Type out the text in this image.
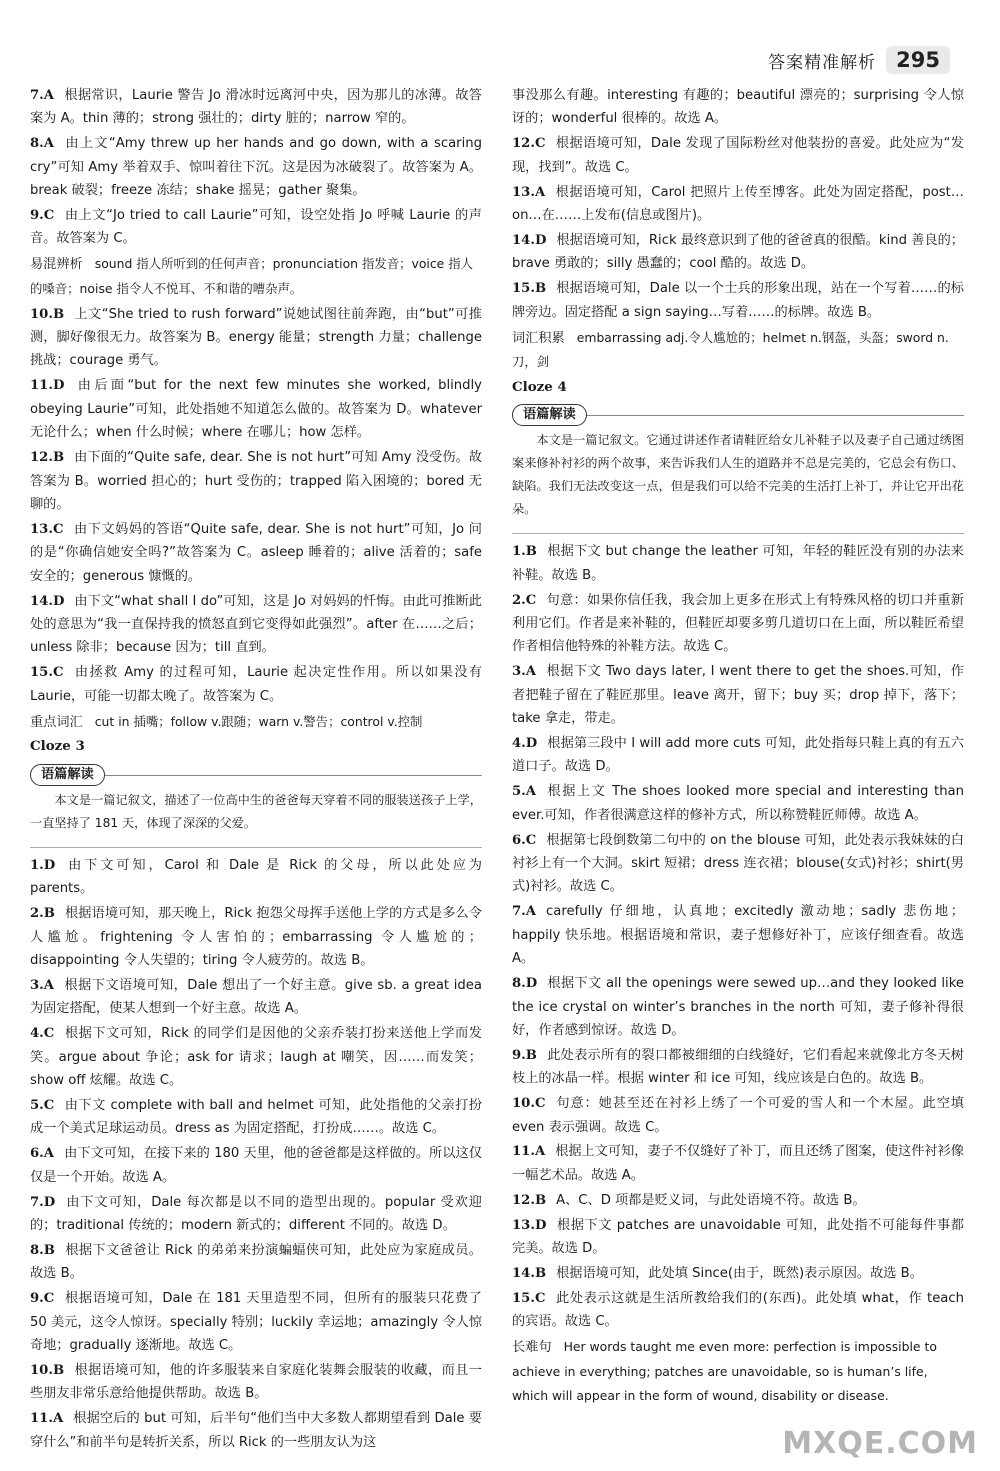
答案精准解析 295
7.A 根据常识，Laurie 警告 Jo 滑冰时远离河中央，因为那儿的冰薄。故答案为 A。thin 薄的；strong 强壮的；dirty 脏的；narrow 窄的。
8.A 由上文“Amy threw up her hands and go down, with a scaring cry”可知 Amy 举着双手、惊叫着往下沉。这是因为冰破裂了。故答案为 A。break 破裂；freeze 冻结；shake 摇晃；gather 聚集。
9.C 由上文“Jo tried to call Laurie”可知，设空处指 Jo 呼喊 Laurie 的声音。故答案为 C。
易混辨析 sound 指人所听到的任何声音；pronunciation 指发音；voice 指人的嗓音；noise 指令人不悦耳、不和谐的嘈杂声。
10.B 上文“She tried to rush forward”说她试图往前奔跑，由“but”可推测，脚好像很无力。故答案为 B。energy 能量；strength 力量；challenge 挑战；courage 勇气。
11.D 由后面“but for the next few minutes she worked, blindly obeying Laurie”可知，此处指她不知道怎么做的。故答案为 D。whatever 无论什么；when 什么时候；where 在哪儿；how 怎样。
12.B 由下面的“Quite safe, dear. She is not hurt”可知 Amy 没受伤。故答案为 B。worried 担心的；hurt 受伤的；trapped 陷入困境的；bored 无聊的。
13.C 由下文妈妈的答语“Quite safe, dear. She is not hurt”可知，Jo 问的是“你确信她安全吗?”故答案为 C。asleep 睡着的；alive 活着的；safe 安全的；generous 慷慨的。
14.D 由下文“what shall I do”可知，这是 Jo 对妈妈的忏悔。由此可推断此处的意思为“我一直保持我的愤怒直到它变得如此强烈”。after 在……之后；unless 除非；because 因为；till 直到。
15.C 由拯救 Amy 的过程可知，Laurie 起决定性作用。所以如果没有 Laurie，可能一切都太晚了。故答案为 C。
重点词汇 cut in 插嘴；follow v.跟随；warn v.警告；control v.控制
Cloze 3
语篇解读
本文是一篇记叙文，描述了一位高中生的爸爸每天穿着不同的服装送孩子上学，一直坚持了 181 天，体现了深深的父爱。
1.D 由下文可知，Carol 和 Dale 是 Rick 的父母，所以此处应为 parents。
2.B 根据语境可知，那天晚上，Rick 抱怨父母挥手送他上学的方式是多么令人尴尬。frightening 令人害怕的；embarrassing 令人尴尬的；disappointing 令人失望的；tiring 令人疲劳的。故选 B。
3.A 根据下文语境可知，Dale 想出了一个好主意。give sb. a great idea 为固定搭配，使某人想到一个好主意。故选 A。
4.C 根据下文可知，Rick 的同学们是因他的父亲乔装打扮来送他上学而发笑。argue about 争论；ask for 请求；laugh at 嘲笑，因……而发笑；show off 炫耀。故选 C。
5.C 由下文 complete with ball and helmet 可知，此处指他的父亲打扮成一个美式足球运动员。dress as 为固定搭配，打扮成……。故选 C。
6.A 由下文可知，在接下来的 180 天里，他的爸爸都是这样做的。所以这仅仅是一个开始。故选 A。
7.D 由下文可知，Dale 每次都是以不同的造型出现的。popular 受欢迎的；traditional 传统的；modern 新式的；different 不同的。故选 D。
8.B 根据下文爸爸让 Rick 的弟弟来扮演蝙蝠侠可知，此处应为家庭成员。故选 B。
9.C 根据语境可知，Dale 在 181 天里造型不同，但所有的服装只花费了 50 美元，这令人惊讶。specially 特别；luckily 幸运地；amazingly 令人惊奇地；gradually 逐渐地。故选 C。
10.B 根据语境可知，他的许多服装来自家庭化装舞会服装的收藏，而且一些朋友非常乐意给他提供帮助。故选 B。
11.A 根据空后的 but 可知，后半句“他们当中大多数人都期望看到 Dale 要穿什么”和前半句是转折关系，所以 Rick 的一些朋友认为这
事没那么有趣。interesting 有趣的；beautiful 漂亮的；surprising 令人惊讶的；wonderful 很棒的。故选 A。
12.C 根据语境可知，Dale 发现了国际粉丝对他装扮的喜爱。此处应为“发现，找到”。故选 C。
13.A 根据语境可知，Carol 把照片上传至博客。此处为固定搭配，post…on…在……上发布(信息或图片)。
14.D 根据语境可知，Rick 最终意识到了他的爸爸真的很酷。kind 善良的；brave 勇敢的；silly 愚蠢的；cool 酷的。故选 D。
15.B 根据语境可知，Dale 以一个士兵的形象出现，站在一个写着……的标牌旁边。固定搭配 a sign saying…写着……的标牌。故选 B。
词汇积累 embarrassing adj.令人尴尬的；helmet n.钢盔，头盔；sword n.刀，剑
Cloze 4
语篇解读
本文是一篇记叙文。它通过讲述作者请鞋匠给女儿补鞋子以及妻子自己通过绣图案来修补衬衫的两个故事，来告诉我们人生的道路并不总是完美的，它总会有伤口、缺陷。我们无法改变这一点，但是我们可以给不完美的生活打上补丁，并让它开出花朵。
1.B 根据下文 but change the leather 可知，年轻的鞋匠没有别的办法来补鞋。故选 B。
2.C 句意：如果你信任我，我会加上更多在形式上有特殊风格的切口并重新利用它们。作者是来补鞋的，但鞋匠却要多剪几道切口在上面，所以鞋匠希望作者相信他特殊的补鞋方法。故选 C。
3.A 根据下文 Two days later, I went there to get the shoes.可知，作者把鞋子留在了鞋匠那里。leave 离开，留下；buy 买；drop 掉下，落下；take 拿走，带走。
4.D 根据第三段中 I will add more cuts 可知，此处指每只鞋上真的有五六道口子。故选 D。
5.A 根据上文 The shoes looked more special and interesting than ever.可知，作者很满意这样的修补方式，所以称赞鞋匠师傅。故选 A。
6.C 根据第七段倒数第二句中的 on the blouse 可知，此处表示我妹妹的白衬衫上有一个大洞。skirt 短裙；dress 连衣裙；blouse(女式)衬衫；shirt(男式)衬衫。故选 C。
7.A carefully 仔细地，认真地；excitedly 激动地；sadly 悲伤地；happily 快乐地。根据语境和常识，妻子想修好补丁，应该仔细查看。故选 A。
8.D 根据下文 all the openings were sewed up…and they looked like the ice crystal on winter’s branches in the north 可知，妻子修补得很好，作者感到惊讶。故选 D。
9.B 此处表示所有的裂口都被细细的白线缝好，它们看起来就像北方冬天树枝上的冰晶一样。根据 winter 和 ice 可知，线应该是白色的。故选 B。
10.C 句意：她甚至还在衬衫上绣了一个可爱的雪人和一个木屋。此空填 even 表示强调。故选 C。
11.A 根据上文可知，妻子不仅缝好了补丁，而且还绣了图案，使这件衬衫像一幅艺术品。故选 A。
12.B A、C、D 项都是贬义词，与此处语境不符。故选 B。
13.D 根据下文 patches are unavoidable 可知，此处指不可能每件事都完美。故选 D。
14.B 根据语境可知，此处填 Since(由于，既然)表示原因。故选 B。
15.C 此处表示这就是生活所教给我们的(东西)。此处填 what，作 teach 的宾语。故选 C。
长难句 Her words taught me even more: perfection is impossible to achieve in everything; patches are unavoidable, so is human’s life, which will appear in the form of wound, disability or disease.
MXQE.COM
